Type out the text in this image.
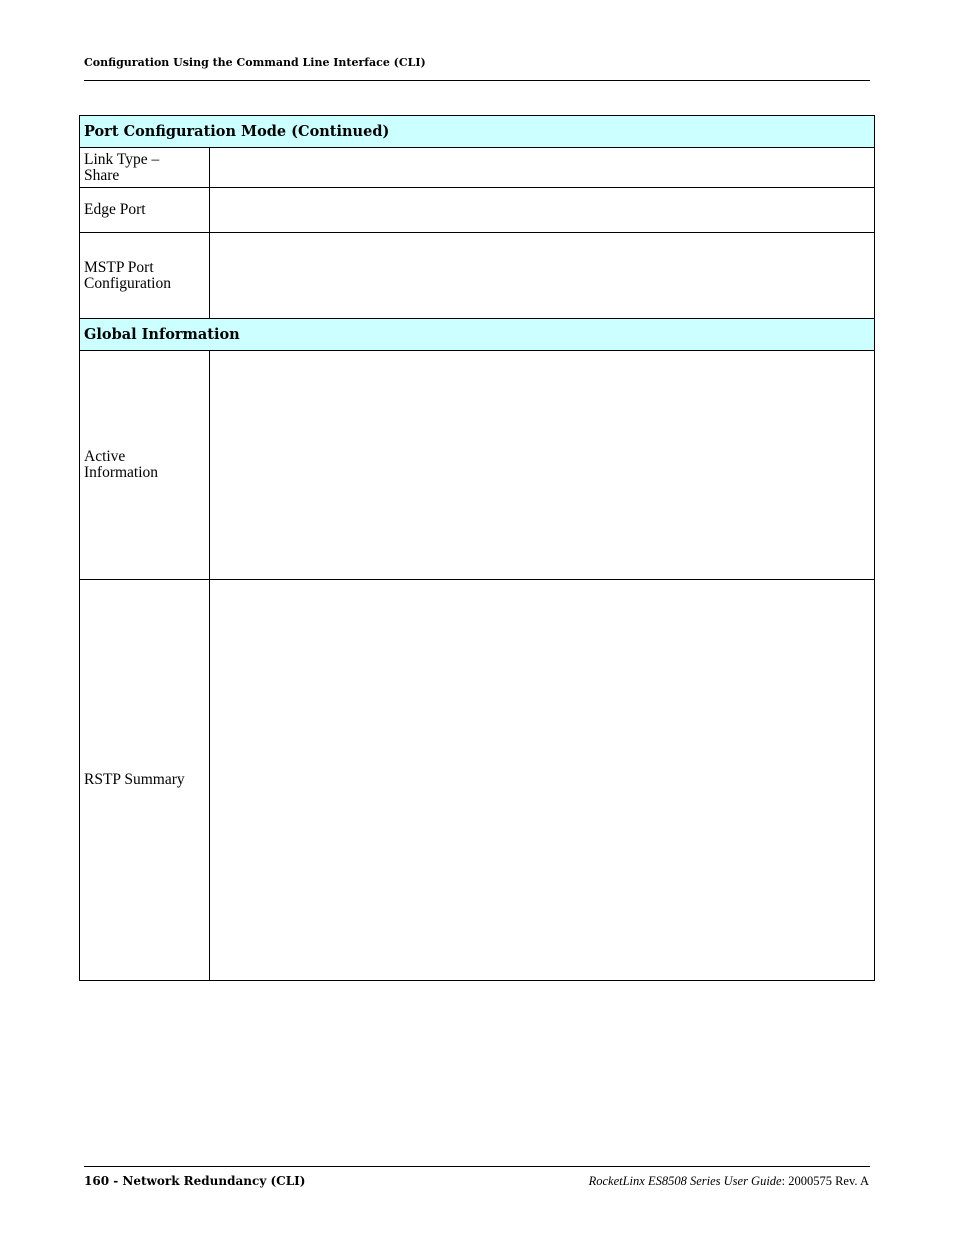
Configuration Using the Command Line Interface (CLI)
Port Configuration Mode (Continued)	
Link Type –
Share	
Edge Port	
MSTP Port
Configuration	
Global Information	
Active
Information	
RSTP Summary	
160 - Network Redundancy (CLI)	RocketLinx ES8508 Series User Guide: 2000575 Rev. A
